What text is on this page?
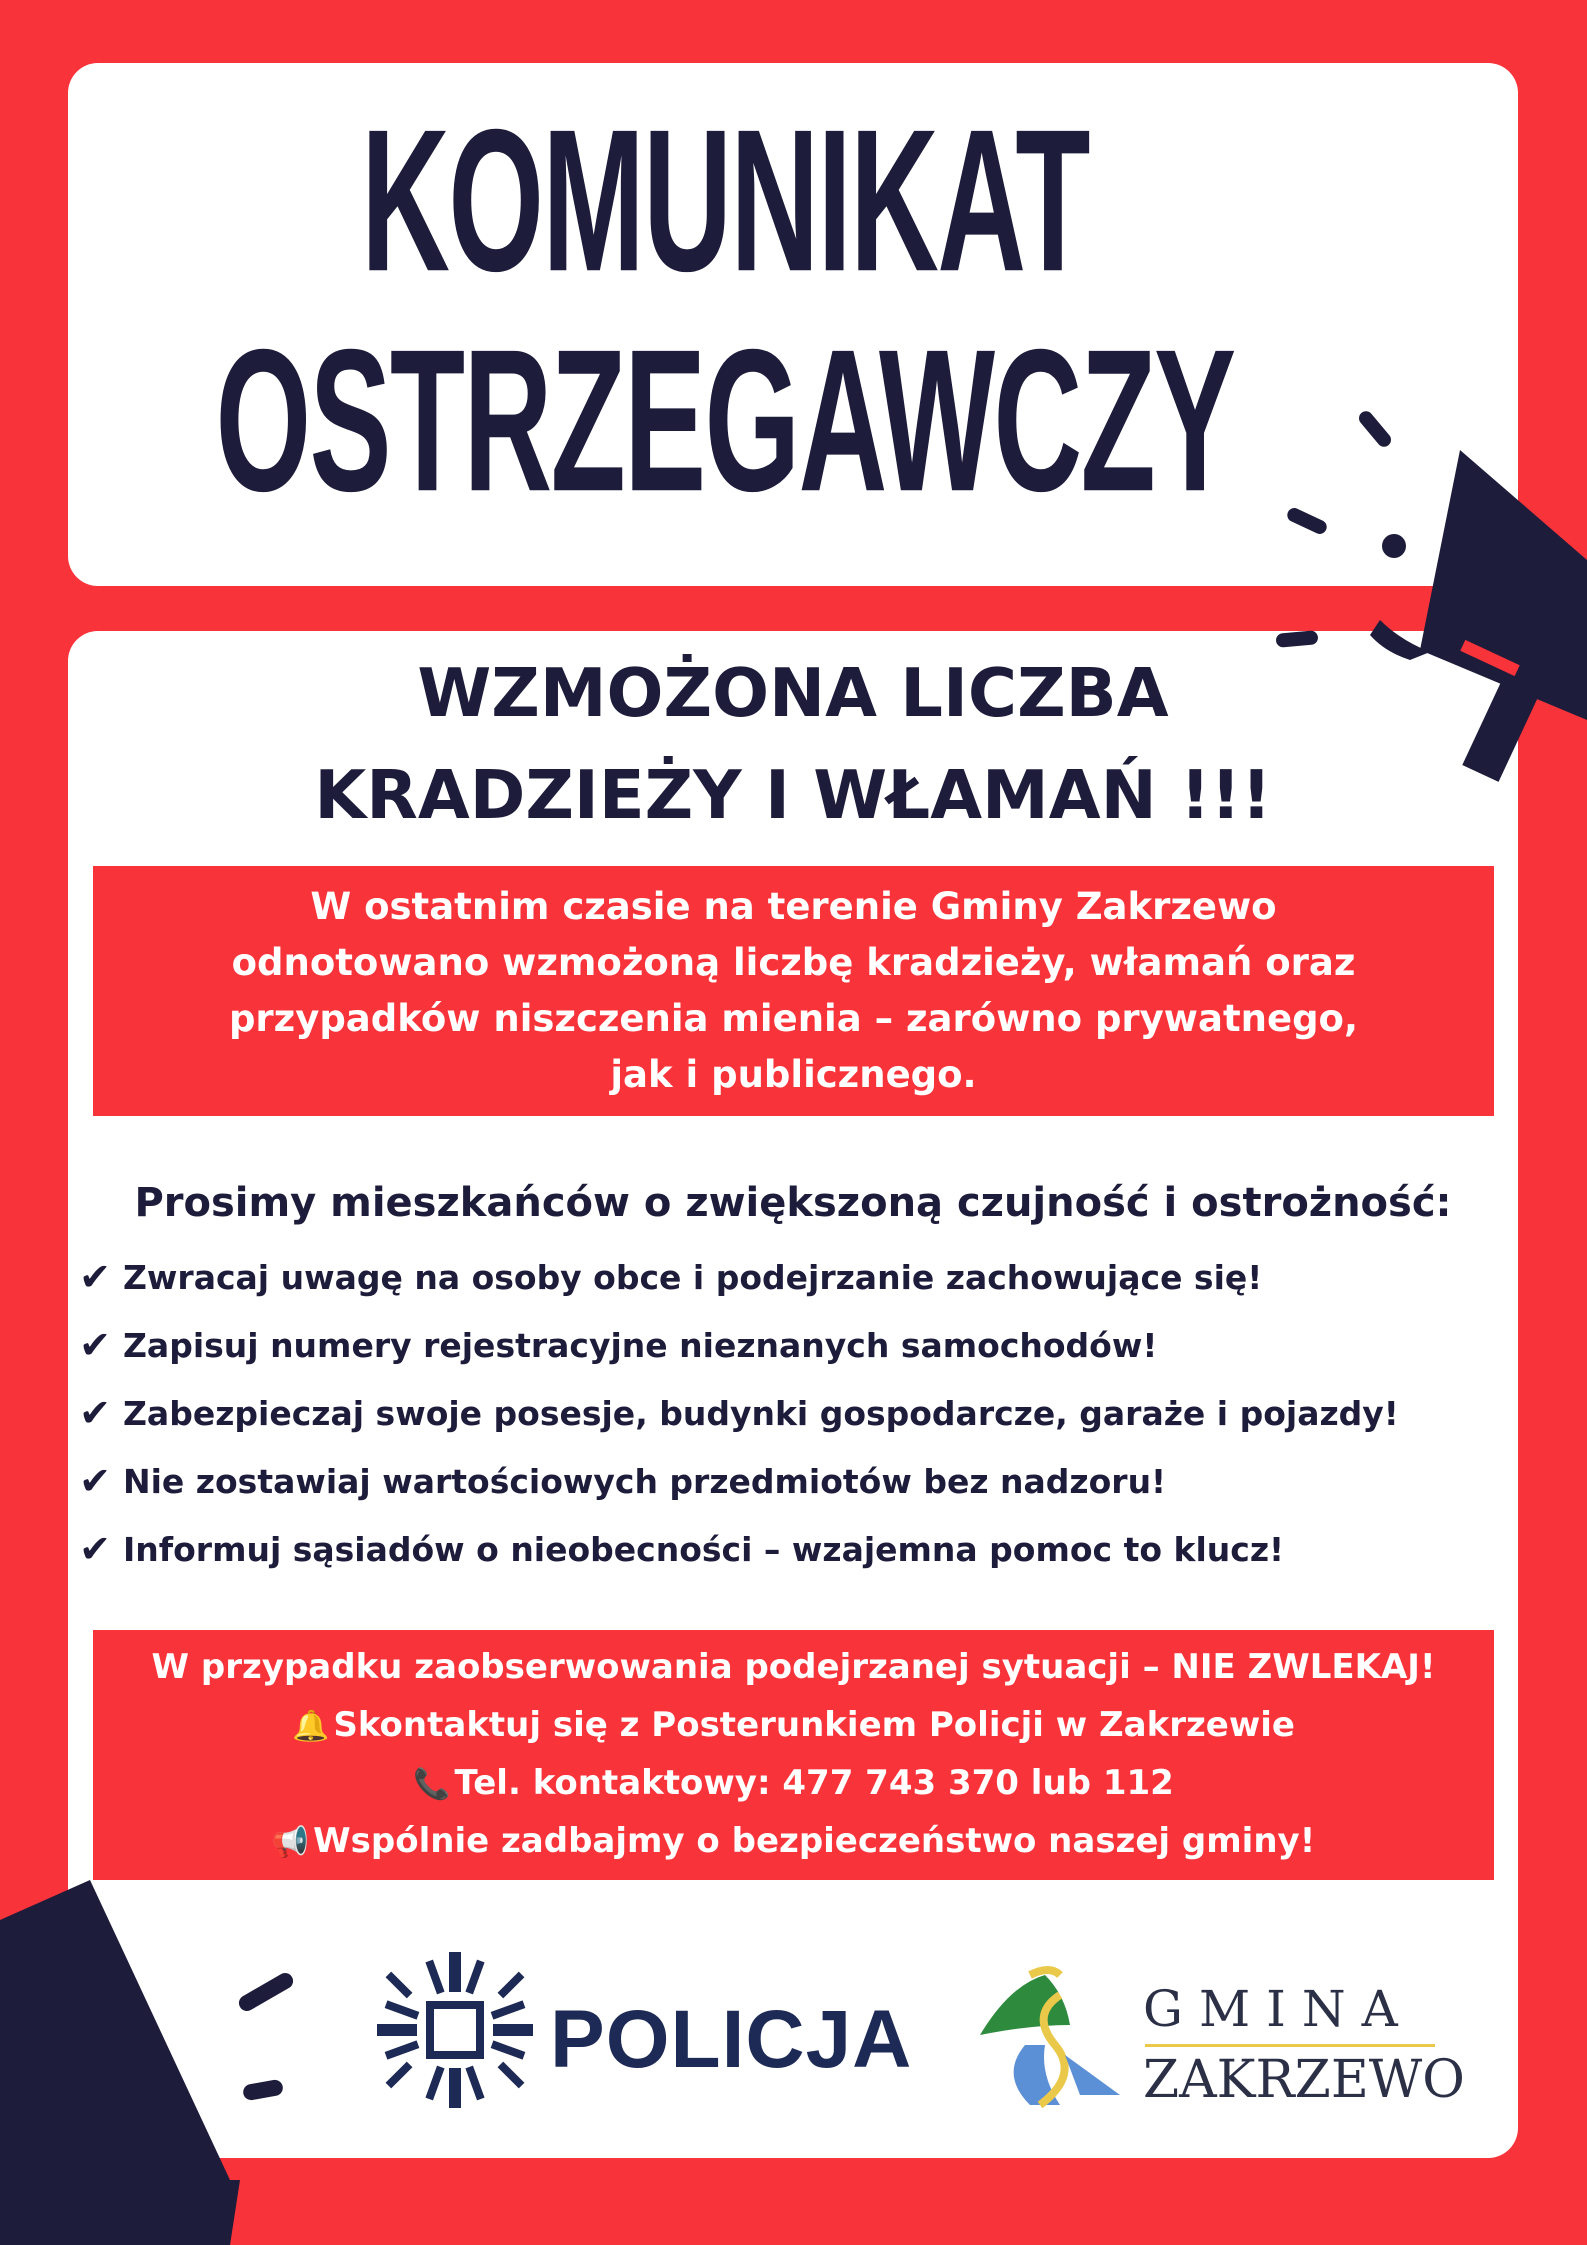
KOMUNIKAT
OSTRZEGAWCZY
WZMOŻONA LICZBA
KRADZIEŻY I WŁAMAŃ !!!
W ostatnim czasie na terenie Gminy Zakrzewo
odnotowano wzmożoną liczbę kradzieży, włamań oraz
przypadków niszczenia mienia – zarówno prywatnego,
jak i publicznego.
Prosimy mieszkańców o zwiększoną czujność i ostrożność:
✔ Zwracaj uwagę na osoby obce i podejrzanie zachowujące się!
✔ Zapisuj numery rejestracyjne nieznanych samochodów!
✔ Zabezpieczaj swoje posesje, budynki gospodarcze, garaże i pojazdy!
✔ Nie zostawiaj wartościowych przedmiotów bez nadzoru!
✔ Informuj sąsiadów o nieobecności – wzajemna pomoc to klucz!
W przypadku zaobserwowania podejrzanej sytuacji – NIE ZWLEKAJ!
🔔 Skontaktuj się z Posterunkiem Policji w Zakrzewie
📞 Tel. kontaktowy: 477 743 370 lub 112
📢 Wspólnie zadbajmy o bezpieczeństwo naszej gminy!
POLICJA	GMINA
ZAKRZEWO
